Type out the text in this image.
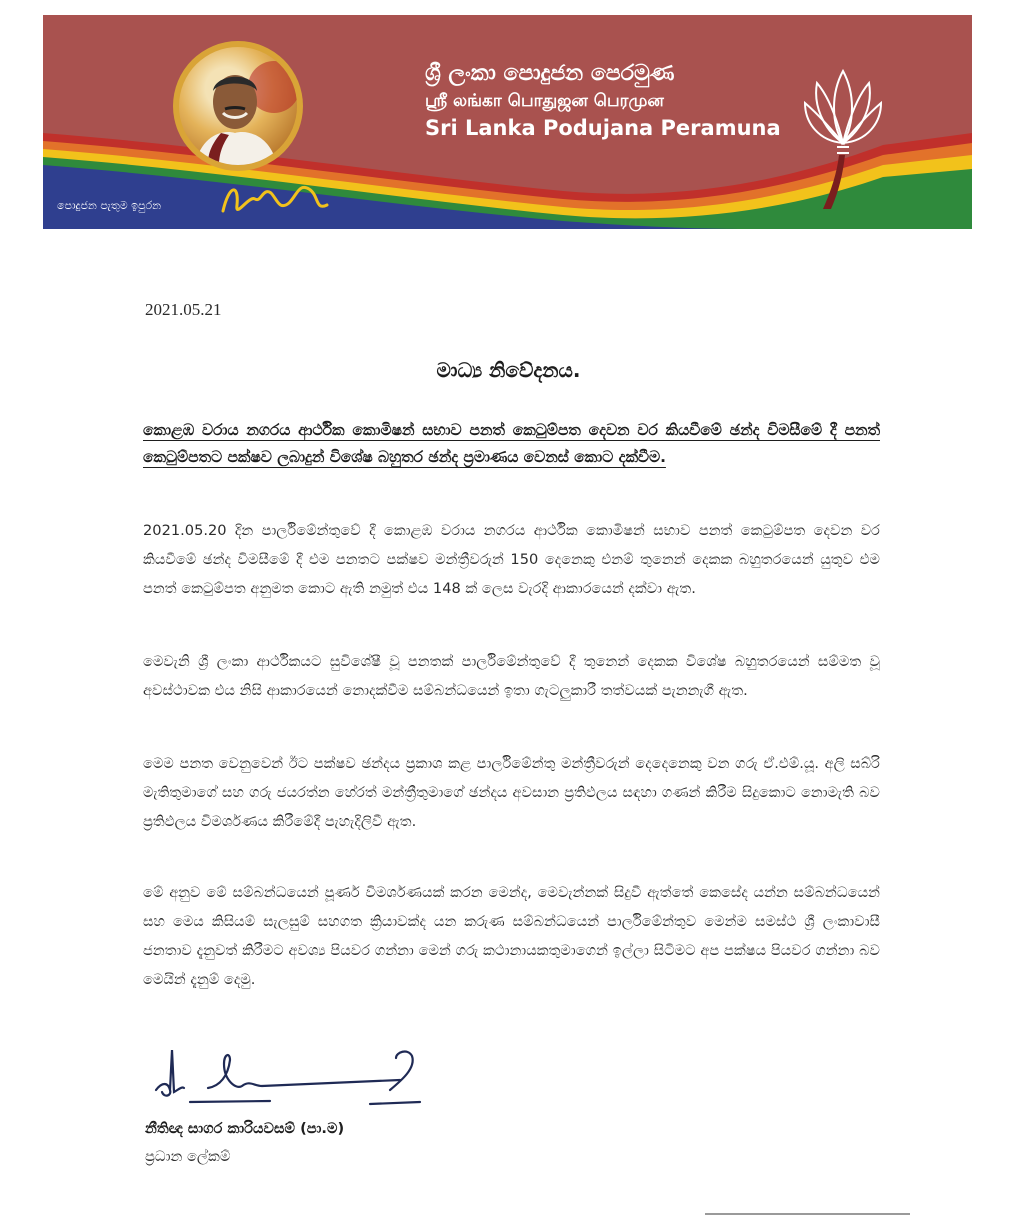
ශ්‍රී ලංකා පොදුජන පෙරමුණ
ஸ்ரீ லங்கா பொதுஜன பெரமுன
Sri Lanka Podujana Peramuna
පොදුජන පැතුම ඉපුරන
2021.05.21
මාධ්‍ය නිවේදනය.
කොළඹ වරාය නගරය ආර්ථික කොමිෂන් සභාව පනත් කෙටුම්පත දෙවන වර කියවීමේ ඡන්ද විමසීමේ දී පනත් කෙටුම්පතට පක්ෂව ලබාදුන් විශේෂ බහුතර ඡන්ද ප්‍රමාණය වෙනස් කොට දක්වීම.

2021.05.20 දින පාර්ලිමේන්තුවේ දී කොළඹ වරාය නගරය ආර්ථික කොමිෂන් සභාව පනත් කෙටුම්පත දෙවන වර කියවීමේ ඡන්ද විමසීමේ දී එම පනතට පක්ෂව මන්ත්‍රීවරුන් 150 දෙනෙකු එනම් තුනෙන් දෙකක බහුතරයෙන් යුතුව එම පනත් කෙටුම්පත අනුමත කොට ඇති නමුත් එය 148 ක් ලෙස වැරදි ආකාරයෙන් දක්වා ඇත.

මෙවැනි ශ්‍රී ලංකා ආර්ථිකයට සුවිශේෂී වූ පනතක් පාර්ලිමේන්තුවේ දී තුනෙන් දෙකක විශේෂ බහුතරයෙන් සම්මත වූ අවස්ථාවක එය නිසි ආකාරයෙන් නොදක්වීම සම්බන්ධයෙන් ඉතා ගැටලුකාරී තත්වයක් පැනනැගී ඇත.

මෙම පනත වෙනුවෙන් ඊට පක්ෂව ඡන්දය ප්‍රකාශ කළ පාර්ලිමේන්තු මන්ත්‍රීවරුන් දෙදෙනෙකු වන ගරු ඒ.එම්.යූ. අලි සබ්රි මැතිතුමාගේ සහ ගරු ජයරත්න හේරත් මන්ත්‍රීතුමාගේ ඡන්දය අවසාන ප්‍රතිඵලය සඳහා ගණන් කිරීම සිදුකොට නොමැති බව ප්‍රතිඵලය විමර්ශණය කිරීමේදී පැහැදිලිවී ඇත.

මේ අනුව මේ සම්බන්ධයෙන් පූර්ණ විමර්ශණයක් කරන මෙන්ද, මෙවැන්නක් සිදුවී ඇත්තේ කෙසේද යන්න සම්බන්ධයෙන් සහ මෙය කිසියම් සැලසුම් සහගත ක්‍රියාවක්ද යන කරුණ සම්බන්ධයෙන් පාර්ලිමේන්තුව මෙන්ම සමස්ථ ශ්‍රී ලංකාවාසී ජනතාව දැනුවත් කිරීමට අවශ්‍ය පියවර ගන්නා මෙන් ගරු කථානායකතුමාගෙන් ඉල්ලා සිටිමට අප පක්ෂය පියවර ගන්නා බව මෙයින් දැනුම් දෙමු.

නීතිඥ සාගර කාරියවසම් (පා.ම)
ප්‍රධාන ලේකම්
